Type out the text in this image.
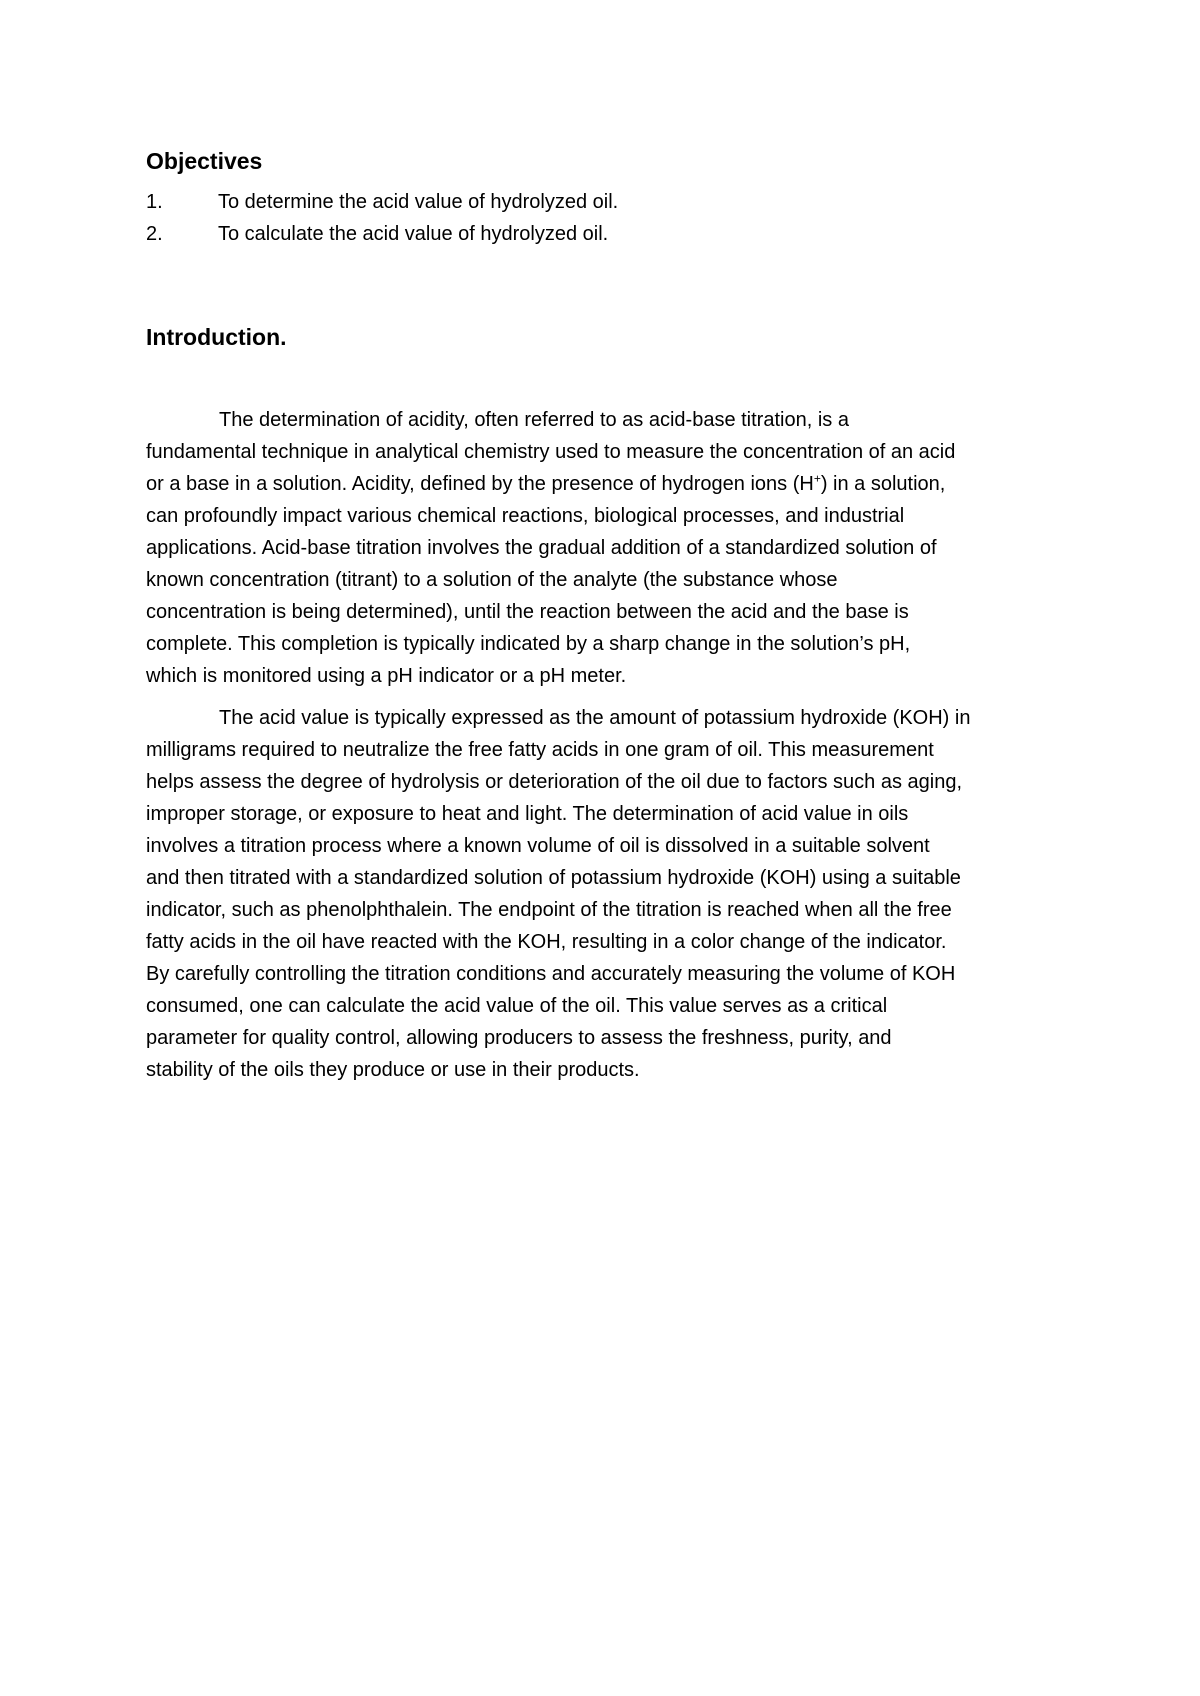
Objectives
1.	To determine the acid value of hydrolyzed oil.
2.	To calculate the acid value of hydrolyzed oil.
Introduction.

The determination of acidity, often referred to as acid-base titration, is a
fundamental technique in analytical chemistry used to measure the concentration of an acid
or a base in a solution. Acidity, defined by the presence of hydrogen ions (H+) in a solution,
can profoundly impact various chemical reactions, biological processes, and industrial
applications. Acid-base titration involves the gradual addition of a standardized solution of
known concentration (titrant) to a solution of the analyte (the substance whose
concentration is being determined), until the reaction between the acid and the base is
complete. This completion is typically indicated by a sharp change in the solution’s pH,
which is monitored using a pH indicator or a pH meter.

The acid value is typically expressed as the amount of potassium hydroxide (KOH) in
milligrams required to neutralize the free fatty acids in one gram of oil. This measurement
helps assess the degree of hydrolysis or deterioration of the oil due to factors such as aging,
improper storage, or exposure to heat and light. The determination of acid value in oils
involves a titration process where a known volume of oil is dissolved in a suitable solvent
and then titrated with a standardized solution of potassium hydroxide (KOH) using a suitable
indicator, such as phenolphthalein. The endpoint of the titration is reached when all the free
fatty acids in the oil have reacted with the KOH, resulting in a color change of the indicator.
By carefully controlling the titration conditions and accurately measuring the volume of KOH
consumed, one can calculate the acid value of the oil. This value serves as a critical
parameter for quality control, allowing producers to assess the freshness, purity, and
stability of the oils they produce or use in their products.
